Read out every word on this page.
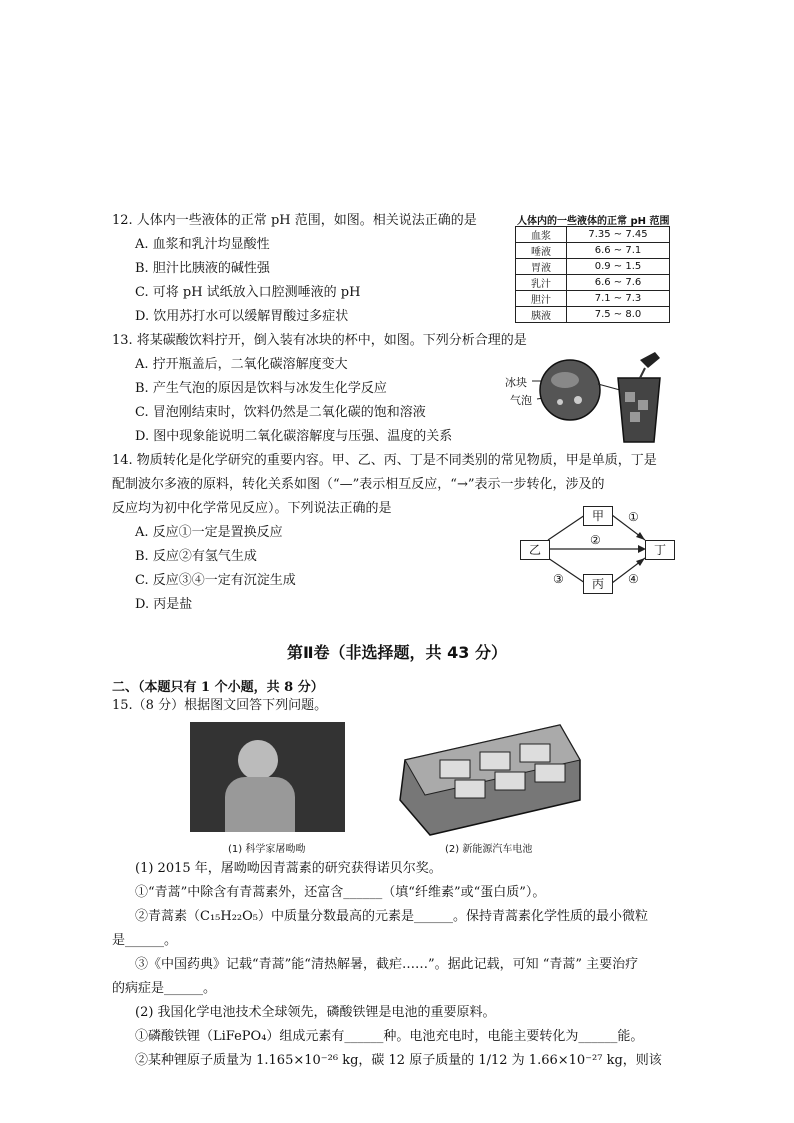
12. 人体内一些液体的正常 pH 范围，如图。相关说法正确的是
A. 血浆和乳汁均显酸性
B. 胆汁比胰液的碱性强
C. 可将 pH 试纸放入口腔测唾液的 pH
D. 饮用苏打水可以缓解胃酸过多症状
人体内的一些液体的正常 pH 范围
血浆	7.35 ~ 7.45
唾液	6.6 ~ 7.1
胃液	0.9 ~ 1.5
乳汁	6.6 ~ 7.6
胆汁	7.1 ~ 7.3
胰液	7.5 ~ 8.0
13. 将某碳酸饮料拧开，倒入装有冰块的杯中，如图。下列分析合理的是
A. 拧开瓶盖后，二氧化碳溶解度变大
B. 产生气泡的原因是饮料与冰发生化学反应
C. 冒泡刚结束时，饮料仍然是二氧化碳的饱和溶液
D. 图中现象能说明二氧化碳溶解度与压强、温度的关系
冰块
气泡
14. 物质转化是化学研究的重要内容。甲、乙、丙、丁是不同类别的常见物质，甲是单质，丁是
配制波尔多液的原料，转化关系如图（“—”表示相互反应，“→”表示一步转化，涉及的
反应均为初中化学常见反应）。下列说法正确的是
A. 反应①一定是置换反应
B. 反应②有氢气生成
C. 反应③④一定有沉淀生成
D. 丙是盐
甲
乙	丁
丙
①
②
③	④
第Ⅱ卷（非选择题，共 43 分）
二、（本题只有 1 个小题，共 8 分）
15.（8 分）根据图文回答下列问题。
(1) 科学家屠呦呦	(2) 新能源汽车电池
(1) 2015 年，屠呦呦因青蒿素的研究获得诺贝尔奖。
①“青蒿”中除含有青蒿素外，还富含______（填“纤维素”或“蛋白质”）。
②青蒿素（C₁₅H₂₂O₅）中质量分数最高的元素是______。保持青蒿素化学性质的最小微粒
是______。
③《中国药典》记载“青蒿”能“清热解暑，截疟……”。据此记载，可知 “青蒿” 主要治疗
的病症是______。
(2) 我国化学电池技术全球领先，磷酸铁锂是电池的重要原料。
①磷酸铁锂（LiFePO₄）组成元素有______种。电池充电时，电能主要转化为______能。
②某种锂原子质量为 1.165×10⁻²⁶ kg，碳 12 原子质量的 1/12 为 1.66×10⁻²⁷ kg，则该
